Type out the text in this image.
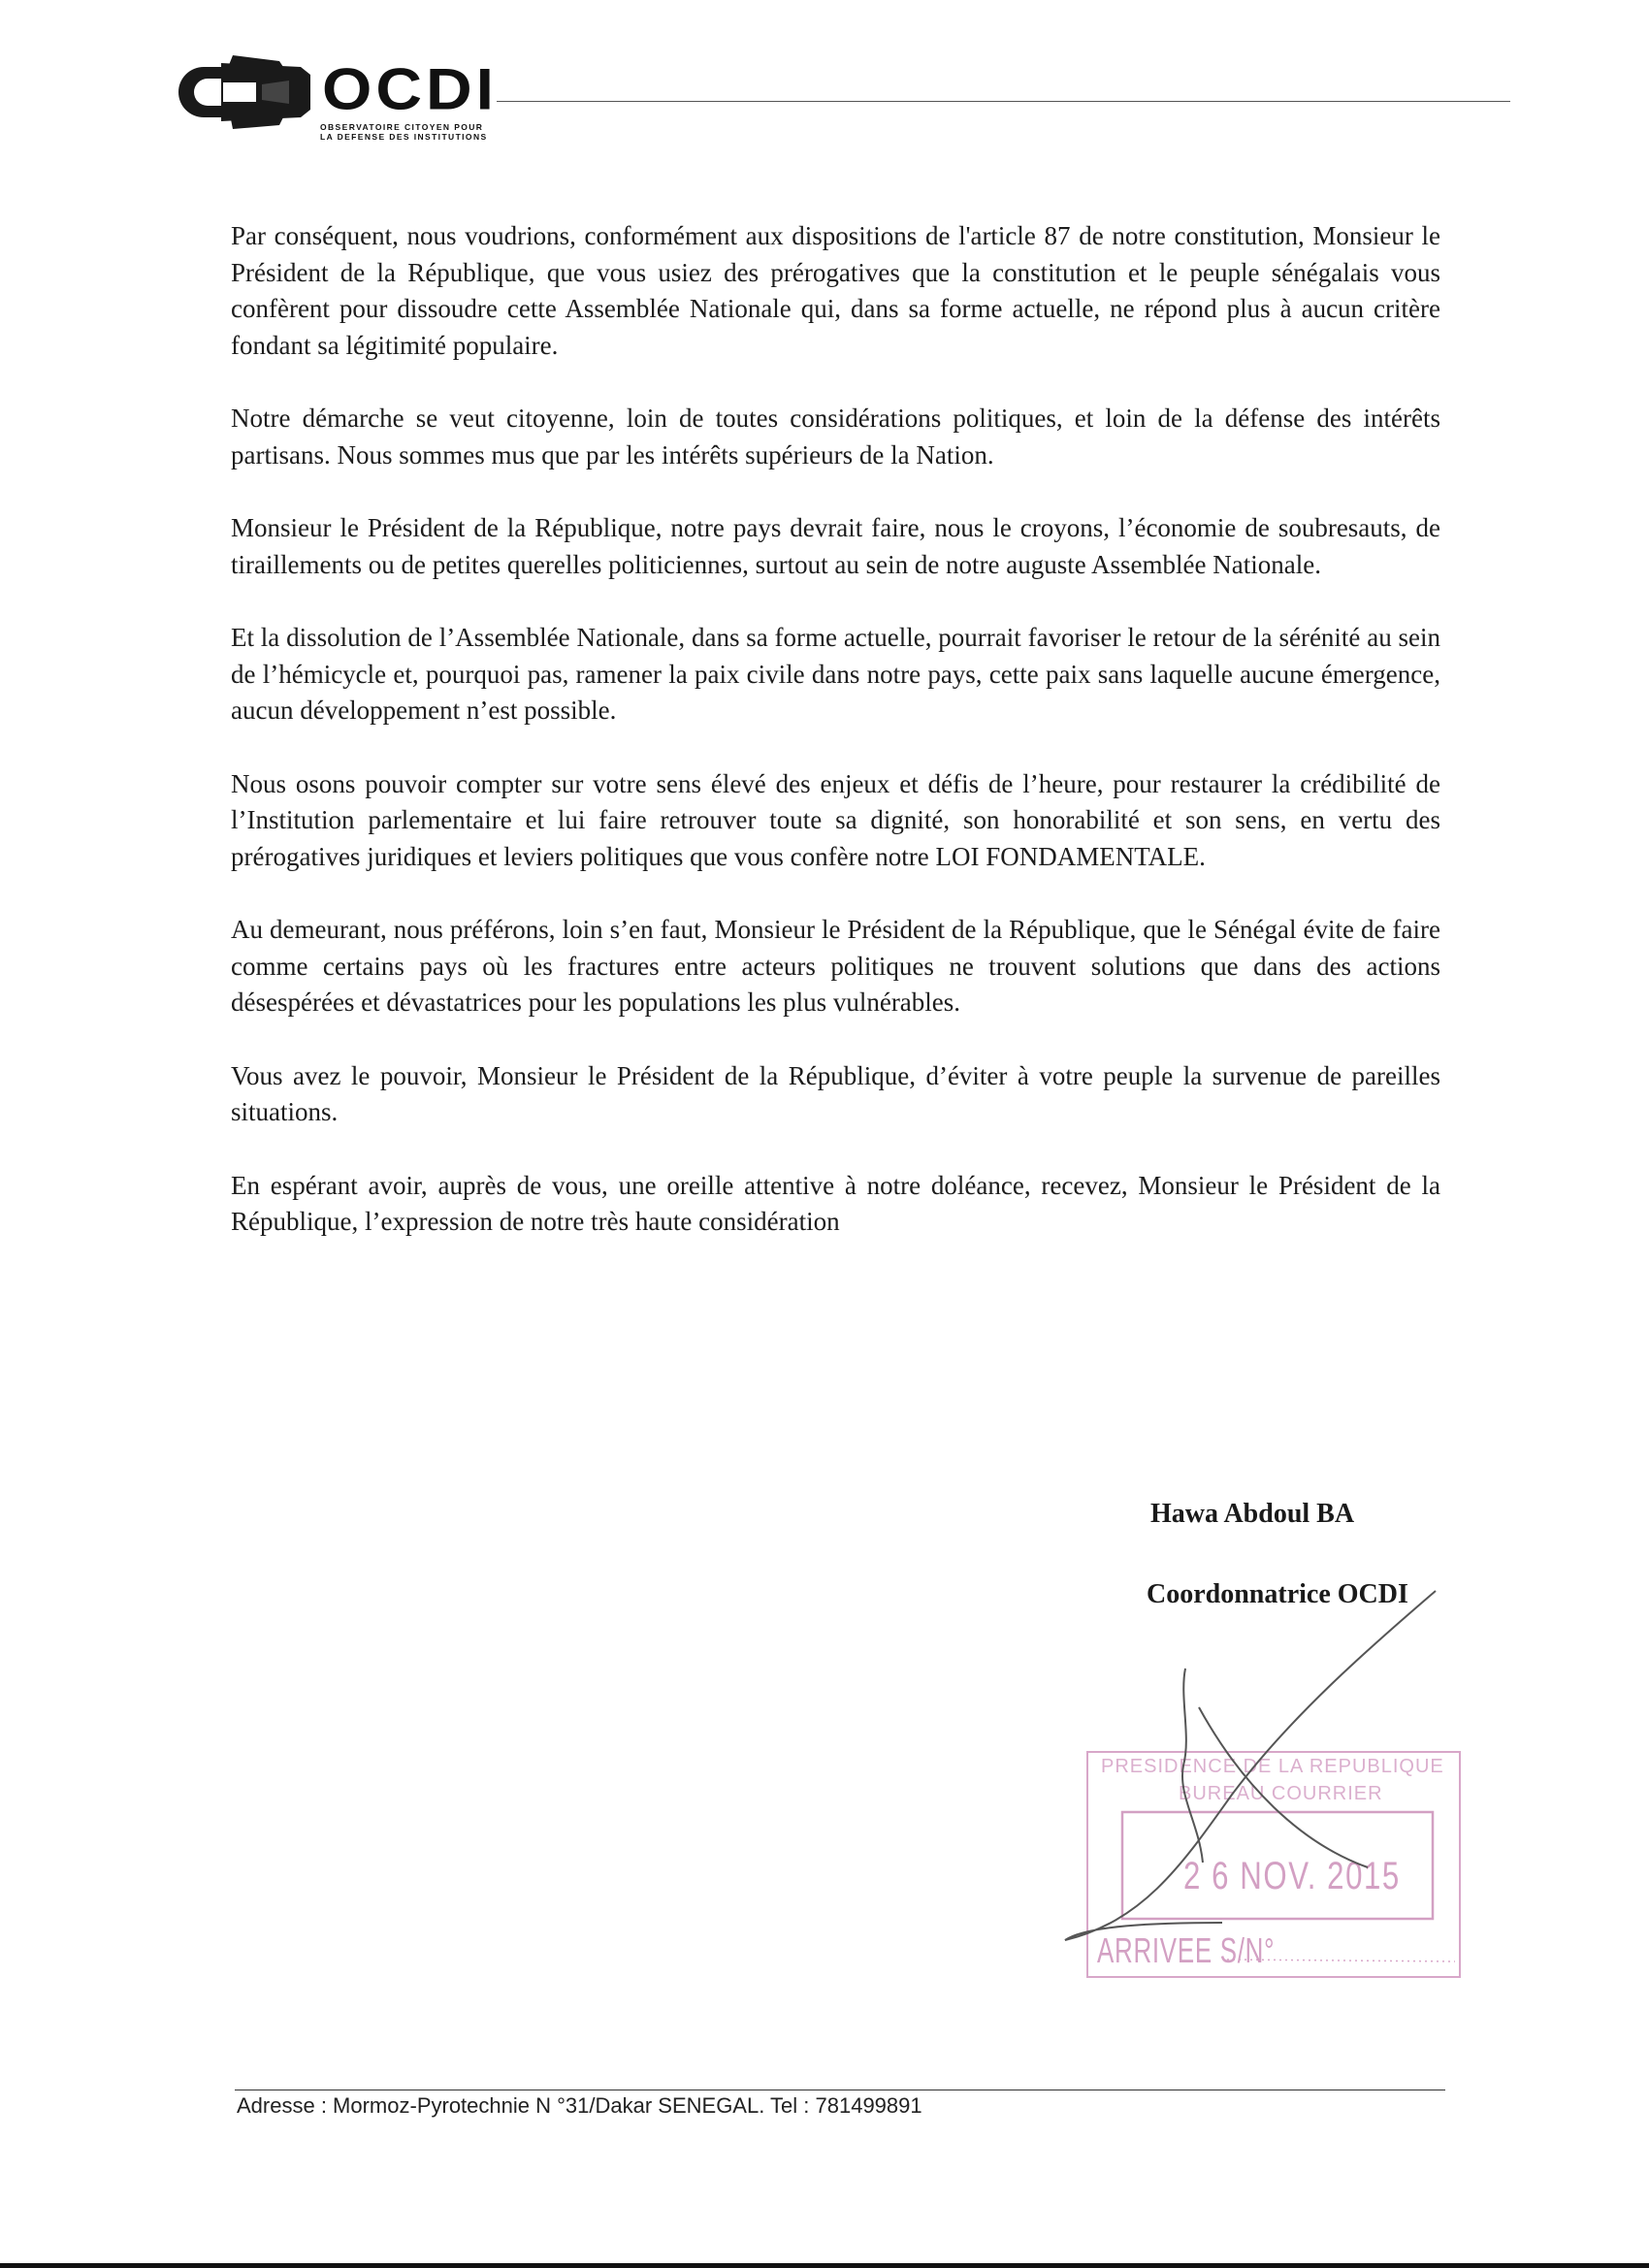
OCDI
OBSERVATOIRE CITOYEN POUR
LA DEFENSE DES INSTITUTIONS

Par conséquent, nous voudrions, conformément aux dispositions de l'article 87 de notre constitution, Monsieur le Président de la République, que vous usiez des prérogatives que la constitution et le peuple sénégalais vous confèrent pour dissoudre cette Assemblée Nationale qui, dans sa forme actuelle, ne répond plus à aucun critère fondant sa légitimité populaire.

Notre démarche se veut citoyenne, loin de toutes considérations politiques, et loin de la défense des intérêts partisans. Nous sommes mus que par les intérêts supérieurs de la Nation.

Monsieur le Président de la République, notre pays devrait faire, nous le croyons, l’économie de soubresauts, de tiraillements ou de petites querelles politiciennes, surtout au sein de notre auguste Assemblée Nationale.

Et la dissolution de l’Assemblée Nationale, dans sa forme actuelle, pourrait favoriser le retour de la sérénité au sein de l’hémicycle et, pourquoi pas, ramener la paix civile dans notre pays, cette paix sans laquelle aucune émergence, aucun développement n’est possible.

Nous osons pouvoir compter sur votre sens élevé des enjeux et défis de l’heure, pour restaurer la crédibilité de l’Institution parlementaire et lui faire retrouver toute sa dignité, son honorabilité et son sens, en vertu des prérogatives juridiques et leviers politiques que vous confère notre LOI FONDAMENTALE.

Au demeurant, nous préférons, loin s’en faut, Monsieur le Président de la République, que le Sénégal évite de faire comme certains pays où les fractures entre acteurs politiques ne trouvent solutions que dans des actions désespérées et dévastatrices pour les populations les plus vulnérables.

Vous avez le pouvoir, Monsieur le Président de la République, d’éviter à votre peuple la survenue de pareilles situations.

En espérant avoir, auprès de vous, une oreille attentive à notre doléance, recevez, Monsieur le Président de la République, l’expression de notre très haute considération

Hawa Abdoul BA
Coordonnatrice OCDI
PRESIDENCE DE LA REPUBLIQUE
BUREAU COURRIER
2 6 NOV. 2015
ARRIVEE S/N°
Adresse : Mormoz-Pyrotechnie N °31/Dakar SENEGAL. Tel : 781499891
